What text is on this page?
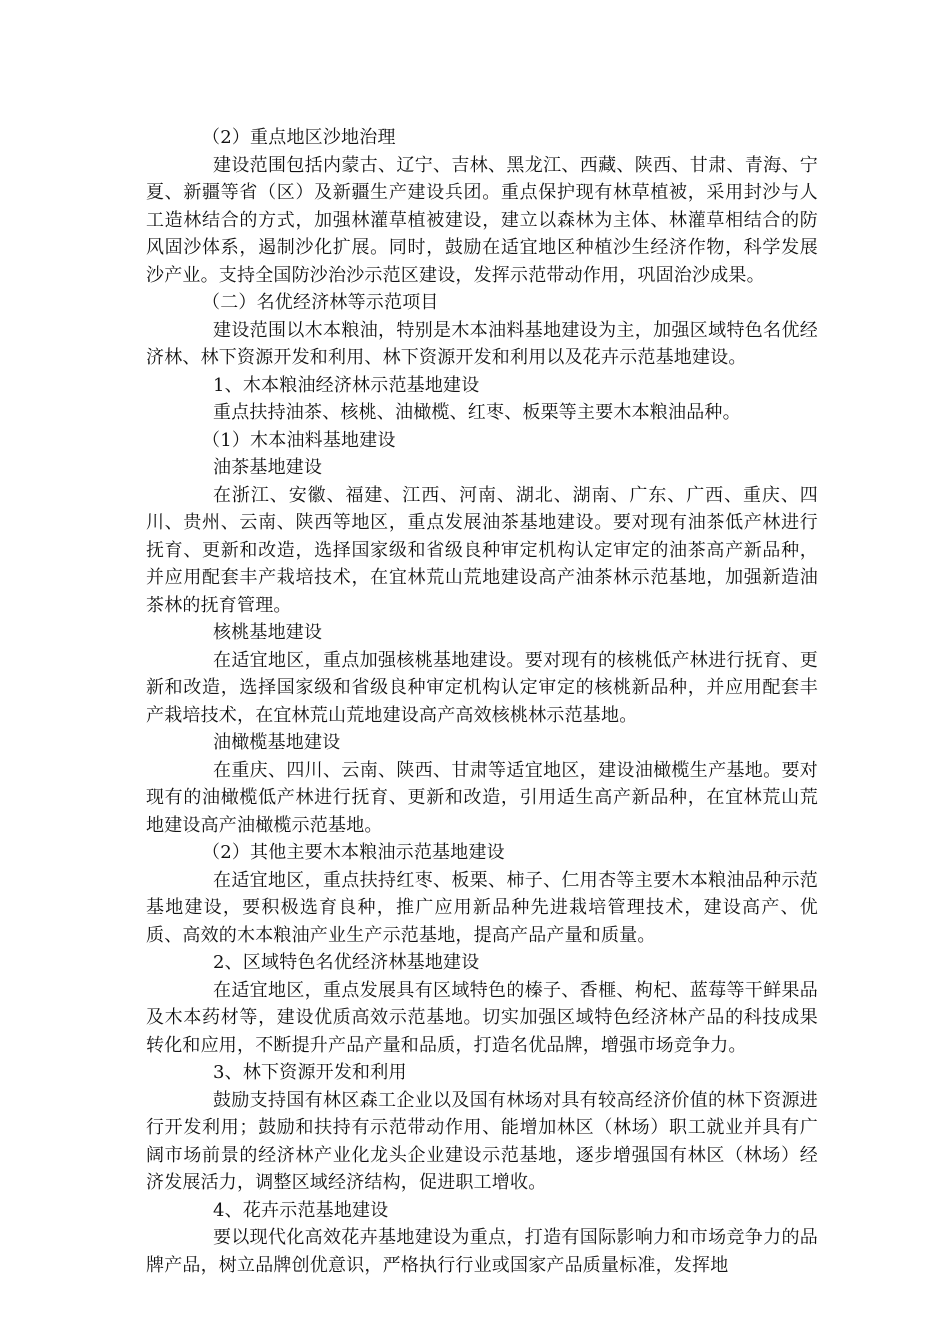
（2）重点地区沙地治理

建设范围包括内蒙古、辽宁、吉林、黑龙江、西藏、陕西、甘肃、青海、宁夏、新疆等省（区）及新疆生产建设兵团。重点保护现有林草植被，采用封沙与人工造林结合的方式，加强林灌草植被建设，建立以森林为主体、林灌草相结合的防风固沙体系，遏制沙化扩展。同时，鼓励在适宜地区种植沙生经济作物，科学发展沙产业。支持全国防沙治沙示范区建设，发挥示范带动作用，巩固治沙成果。

（二）名优经济林等示范项目

建设范围以木本粮油，特别是木本油料基地建设为主，加强区域特色名优经济林、林下资源开发和利用、林下资源开发和利用以及花卉示范基地建设。

1、木本粮油经济林示范基地建设

重点扶持油茶、核桃、油橄榄、红枣、板栗等主要木本粮油品种。

（1）木本油料基地建设

油茶基地建设

在浙江、安徽、福建、江西、河南、湖北、湖南、广东、广西、重庆、四川、贵州、云南、陕西等地区，重点发展油茶基地建设。要对现有油茶低产林进行抚育、更新和改造，选择国家级和省级良种审定机构认定审定的油茶高产新品种，并应用配套丰产栽培技术，在宜林荒山荒地建设高产油茶林示范基地，加强新造油茶林的抚育管理。

核桃基地建设

在适宜地区，重点加强核桃基地建设。要对现有的核桃低产林进行抚育、更新和改造，选择国家级和省级良种审定机构认定审定的核桃新品种，并应用配套丰产栽培技术，在宜林荒山荒地建设高产高效核桃林示范基地。

油橄榄基地建设

在重庆、四川、云南、陕西、甘肃等适宜地区，建设油橄榄生产基地。要对现有的油橄榄低产林进行抚育、更新和改造，引用适生高产新品种，在宜林荒山荒地建设高产油橄榄示范基地。

（2）其他主要木本粮油示范基地建设

在适宜地区，重点扶持红枣、板栗、柿子、仁用杏等主要木本粮油品种示范基地建设，要积极选育良种，推广应用新品种先进栽培管理技术，建设高产、优质、高效的木本粮油产业生产示范基地，提高产品产量和质量。

2、区域特色名优经济林基地建设

在适宜地区，重点发展具有区域特色的榛子、香榧、枸杞、蓝莓等干鲜果品及木本药材等，建设优质高效示范基地。切实加强区域特色经济林产品的科技成果转化和应用，不断提升产品产量和品质，打造名优品牌，增强市场竞争力。

3、林下资源开发和利用

鼓励支持国有林区森工企业以及国有林场对具有较高经济价值的林下资源进行开发利用；鼓励和扶持有示范带动作用、能增加林区（林场）职工就业并具有广阔市场前景的经济林产业化龙头企业建设示范基地，逐步增强国有林区（林场）经济发展活力，调整区域经济结构，促进职工增收。

4、花卉示范基地建设

要以现代化高效花卉基地建设为重点，打造有国际影响力和市场竞争力的品牌产品，树立品牌创优意识，严格执行行业或国家产品质量标准，发挥地
